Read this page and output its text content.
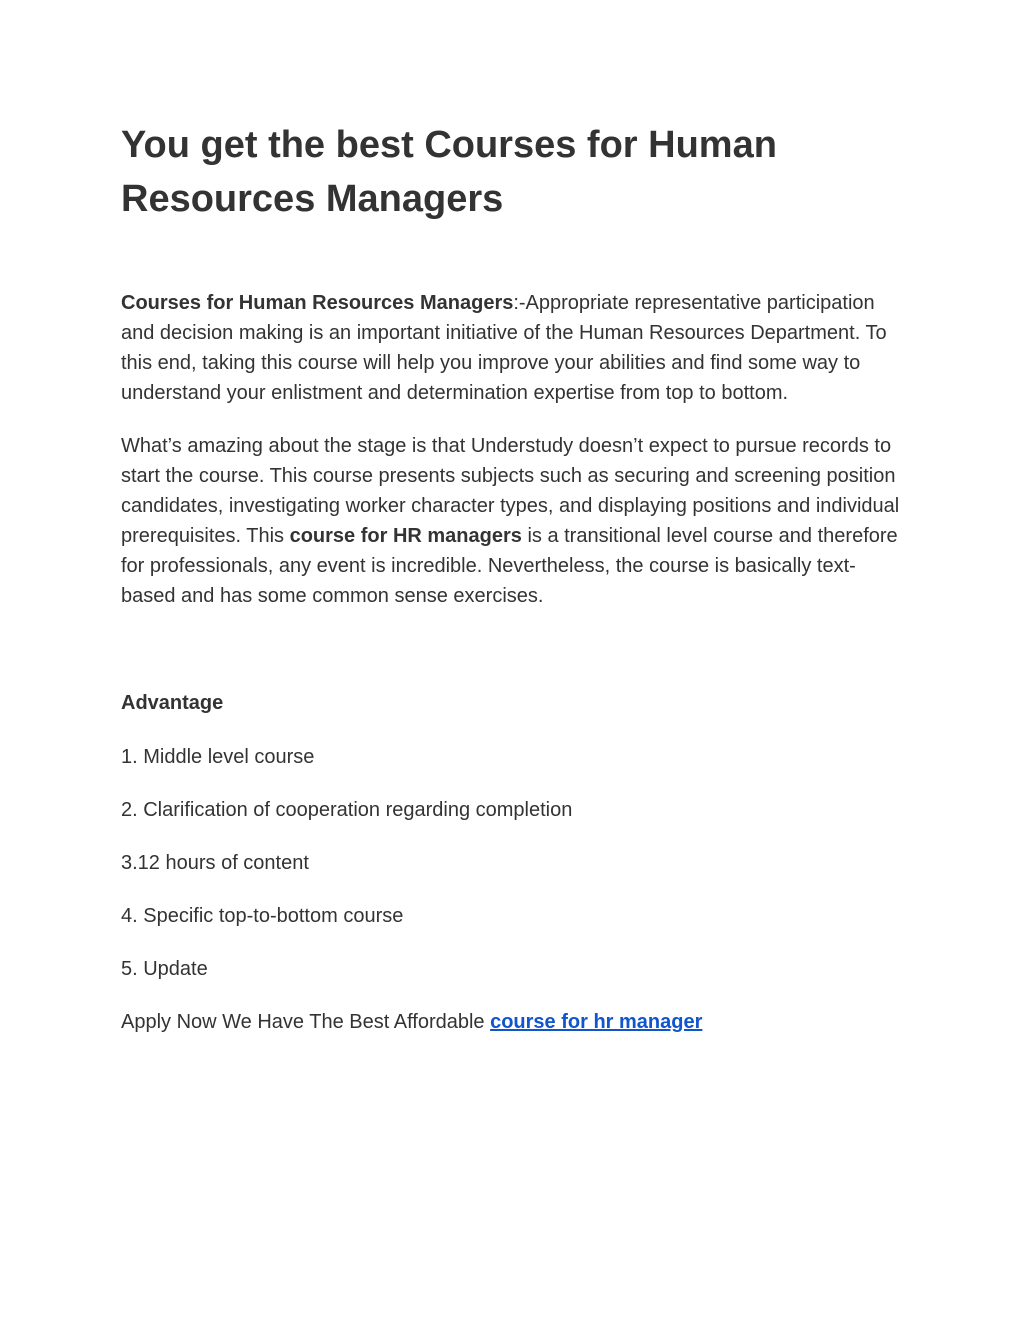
You get the best Courses for Human Resources Managers

Courses for Human Resources Managers:-Appropriate representative participation and decision making is an important initiative of the Human Resources Department. To this end, taking this course will help you improve your abilities and find some way to understand your enlistment and determination expertise from top to bottom.

What’s amazing about the stage is that Understudy doesn’t expect to pursue records to start the course. This course presents subjects such as securing and screening position candidates, investigating worker character types, and displaying positions and individual prerequisites. This course for HR managers is a transitional level course and therefore for professionals, any event is incredible. Nevertheless, the course is basically text-based and has some common sense exercises.

Advantage

1. Middle level course

2. Clarification of cooperation regarding completion

3.12 hours of content

4. Specific top-to-bottom course

5. Update

Apply Now We Have The Best Affordable course for hr manager
